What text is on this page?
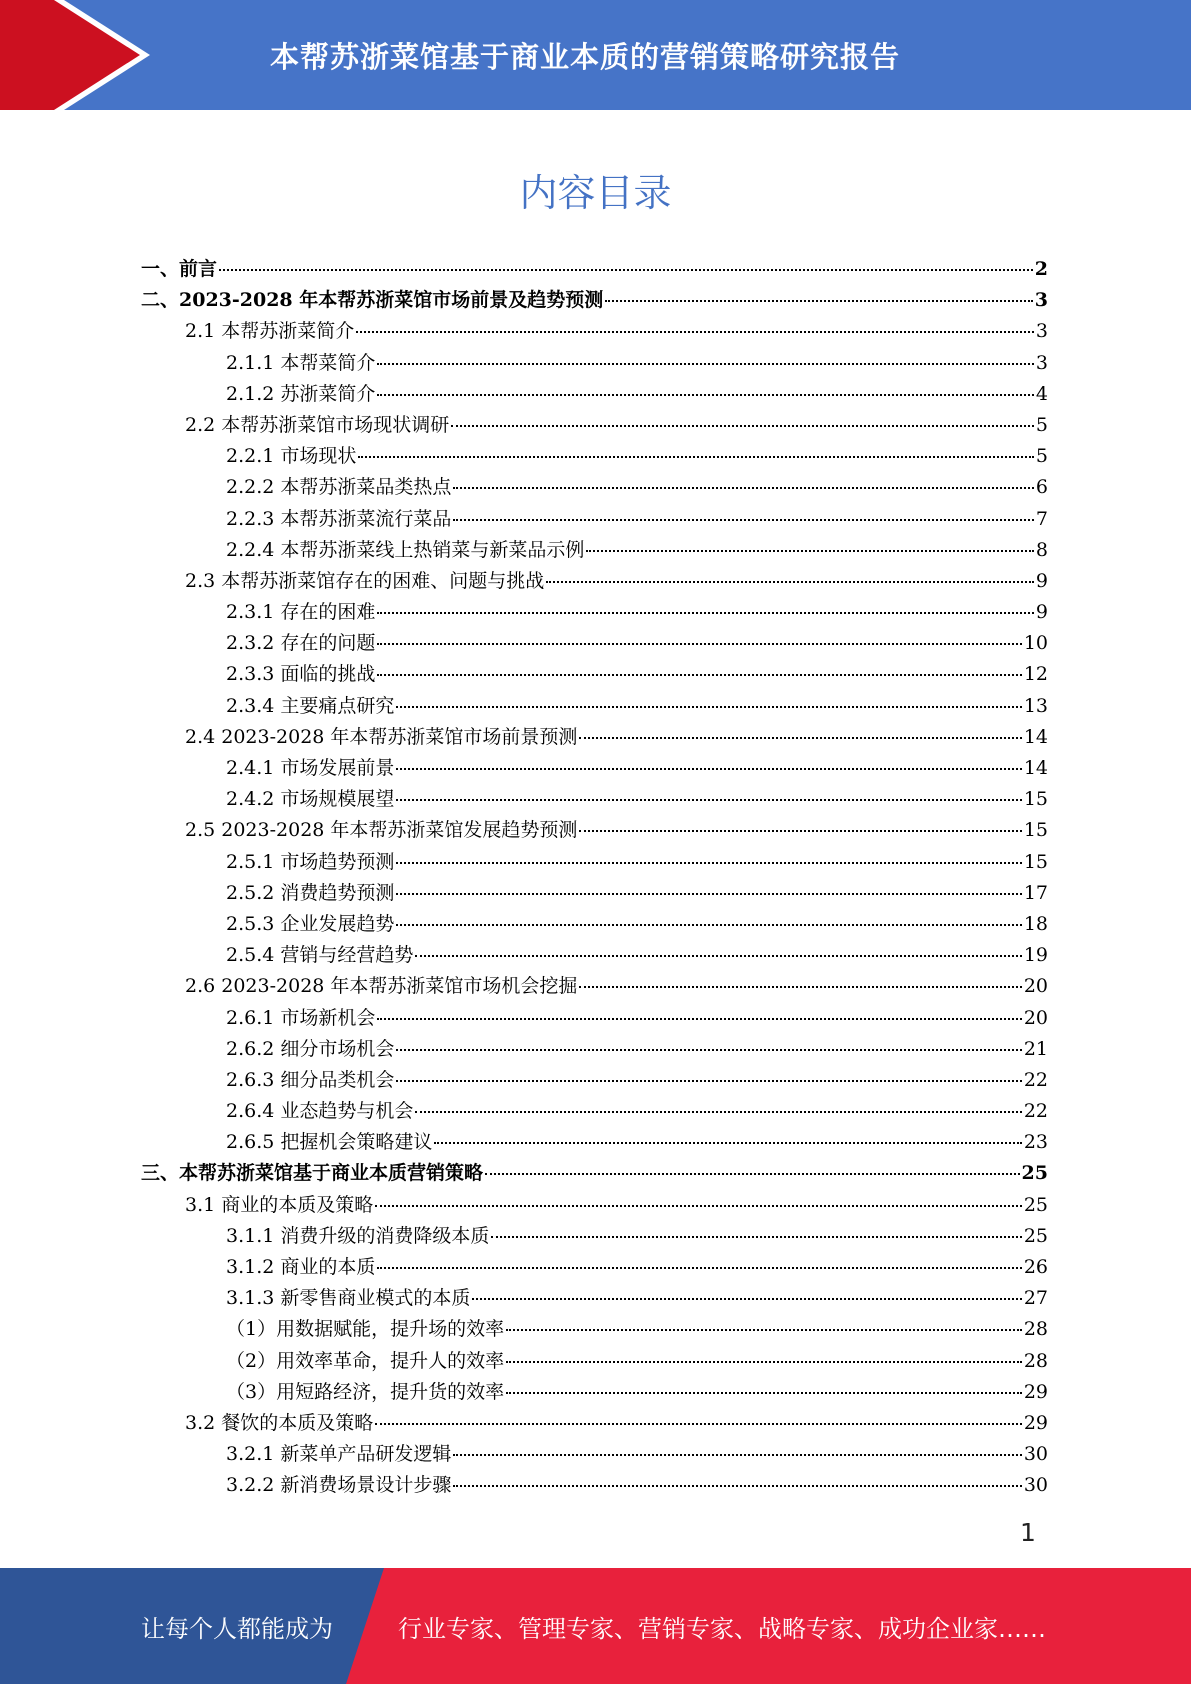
本帮苏浙菜馆基于商业本质的营销策略研究报告
内容目录
一、前言	2
二、2023-2028 年本帮苏浙菜馆市场前景及趋势预测	3
2.1 本帮苏浙菜简介	3
2.1.1 本帮菜简介	3
2.1.2 苏浙菜简介	4
2.2 本帮苏浙菜馆市场现状调研	5
2.2.1 市场现状	5
2.2.2 本帮苏浙菜品类热点	6
2.2.3 本帮苏浙菜流行菜品	7
2.2.4 本帮苏浙菜线上热销菜与新菜品示例	8
2.3 本帮苏浙菜馆存在的困难、问题与挑战	9
2.3.1 存在的困难	9
2.3.2 存在的问题	10
2.3.3 面临的挑战	12
2.3.4 主要痛点研究	13
2.4 2023-2028 年本帮苏浙菜馆市场前景预测	14
2.4.1 市场发展前景	14
2.4.2 市场规模展望	15
2.5 2023-2028 年本帮苏浙菜馆发展趋势预测	15
2.5.1 市场趋势预测	15
2.5.2 消费趋势预测	17
2.5.3 企业发展趋势	18
2.5.4 营销与经营趋势	19
2.6 2023-2028 年本帮苏浙菜馆市场机会挖掘	20
2.6.1 市场新机会	20
2.6.2 细分市场机会	21
2.6.3 细分品类机会	22
2.6.4 业态趋势与机会	22
2.6.5 把握机会策略建议	23
三、本帮苏浙菜馆基于商业本质营销策略	25
3.1 商业的本质及策略	25
3.1.1 消费升级的消费降级本质	25
3.1.2 商业的本质	26
3.1.3 新零售商业模式的本质	27
（1）用数据赋能，提升场的效率	28
（2）用效率革命，提升人的效率	28
（3）用短路经济，提升货的效率	29
3.2 餐饮的本质及策略	29
3.2.1 新菜单产品研发逻辑	30
3.2.2 新消费场景设计步骤	30
1
让每个人都能成为	行业专家、管理专家、营销专家、战略专家、成功企业家……
